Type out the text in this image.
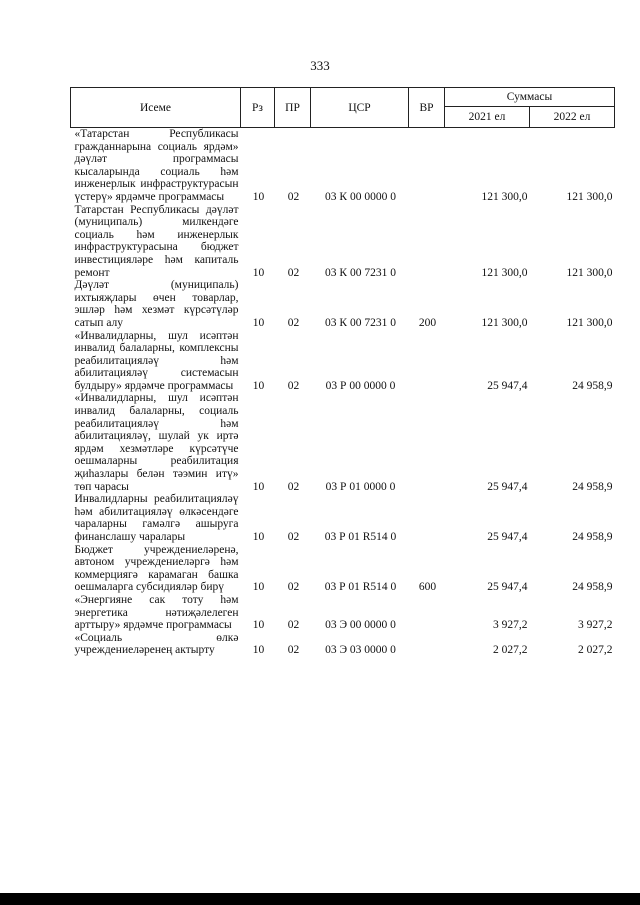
333
Исеме	Рз	ПР	ЦСР	ВР	Суммасы	
					2021 ел	2022 ел
«Татарстан Республикасы гражданнарына социаль ярдәм» дәүләт программасы кысаларында социаль һәм инженерлык инфраструктурасын үстерү» ярдәмче программасы	10	02	03 К 00 0000 0		121 300,0	121 300,0
Татарстан Республикасы дәүләт (муниципаль) милкендәге социаль һәм инженерлык инфраструктурасына бюджет инвестицияләре һәм капиталь ремонт	10	02	03 К 00 7231 0		121 300,0	121 300,0
Дәүләт (муниципаль) ихтыяҗлары өчен товарлар, эшләр һәм хезмәт күрсәтүләр сатып алу	10	02	03 К 00 7231 0	200	121 300,0	121 300,0
«Инвалидларны, шул исәптән инвалид балаларны, комплексны реабилитацияләү һәм абилитацияләү системасын булдыру» ярдәмче программасы	10	02	03 Р 00 0000 0		25 947,4	24 958,9
«Инвалидларны, шул исәптән инвалид балаларны, социаль реабилитацияләү һәм абилитацияләү, шулай ук иртә ярдәм хезмәтләре күрсәтүче оешмаларны реабилитация җиһазлары белән тәэмин итү» төп чарасы	10	02	03 Р 01 0000 0		25 947,4	24 958,9
Инвалидларны реабилитацияләү һәм абилитацияләү өлкәсендәге чараларны гамәлгә ашыруга финанслашу чаралары	10	02	03 Р 01 R514 0		25 947,4	24 958,9
Бюджет учреждениеләренә, автоном учреждениеләргә һәм коммерциягә карамаган башка оешмаларга субсидияләр бирү	10	02	03 Р 01 R514 0	600	25 947,4	24 958,9
«Энергияне сак тоту һәм энергетика нәтиҗәлелеген арттыру» ярдәмче программасы	10	02	03 Э 00 0000 0		3 927,2	3 927,2
«Социаль өлкә учреждениеләренең актырту	10	02	03 Э 03 0000 0		2 027,2	2 027,2
